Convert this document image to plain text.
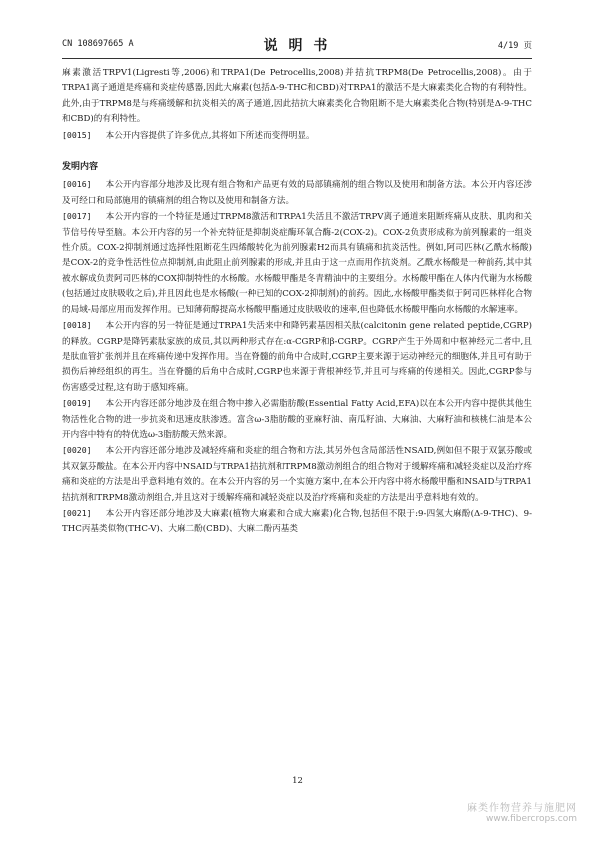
CN 108697665 A	说 明 书	4/19 页

麻素激活TRPV1(Ligresti等,2006)和TRPA1(De Petrocellis,2008)并拮抗TRPM8(De Petrocellis,2008)。由于TRPA1离子通道是疼痛和炎症传感器,因此大麻素(包括Δ-9-THC和CBD)对TRPA1的激活不是大麻素类化合物的有利特性。此外,由于TRPM8是与疼痛缓解和抗炎相关的离子通道,因此拮抗大麻素类化合物阻断不是大麻素类化合物(特别是Δ-9-THC和CBD)的有利特性。

[0015] 本公开内容提供了许多优点,其将如下所述而变得明显。

发明内容

[0016] 本公开内容部分地涉及比现有组合物和产品更有效的局部镇痛剂的组合物以及使用和制备方法。本公开内容还涉及可经口和局部施用的镇痛剂的组合物以及使用和制备方法。

[0017] 本公开内容的一个特征是通过TRPM8激活和TRPA1失活且不激活TRPV离子通道来阻断疼痛从皮肤、肌肉和关节信号传导至脑。本公开内容的另一个补充特征是抑制炎症酶环氧合酶-2(COX-2)。COX-2负责形成称为前列腺素的一组炎性介质。COX-2抑制剂通过选择性阻断花生四烯酸转化为前列腺素H2而具有镇痛和抗炎活性。例如,阿司匹林(乙酰水杨酸)是COX-2的竞争性活性位点抑制剂,由此阻止前列腺素的形成,并且由于这一点而用作抗炎剂。乙酰水杨酸是一种前药,其中其被水解成负责阿司匹林的COX抑制特性的水杨酸。水杨酸甲酯是冬青精油中的主要组分。水杨酸甲酯在人体内代谢为水杨酸(包括通过皮肤吸收之后),并且因此也是水杨酸(一种已知的COX-2抑制剂)的前药。因此,水杨酸甲酯类似于阿司匹林样化合物的局域-局部应用而发挥作用。已知薄荷醇提高水杨酸甲酯通过皮肤吸收的速率,但也降低水杨酸甲酯向水杨酸的水解速率。

[0018] 本公开内容的另一特征是通过TRPA1失活来中和降钙素基因相关肽(calcitonin gene related peptide,CGRP)的释放。CGRP是降钙素肽家族的成员,其以两种形式存在:α-CGRP和β-CGRP。CGRP产生于外周和中枢神经元二者中,且是肽血管扩张剂并且在疼痛传递中发挥作用。当在脊髓的前角中合成时,CGRP主要来源于运动神经元的细胞体,并且可有助于损伤后神经组织的再生。当在脊髓的后角中合成时,CGRP也来源于背根神经节,并且可与疼痛的传递相关。因此,CGRP参与伤害感受过程,这有助于感知疼痛。

[0019] 本公开内容还部分地涉及在组合物中掺入必需脂肪酸(Essential Fatty Acid,EFA)以在本公开内容中提供其他生物活性化合物的进一步抗炎和迅速皮肤渗透。富含ω-3脂肪酸的亚麻籽油、南瓜籽油、大麻油、大麻籽油和核桃仁油是本公开内容中特有的特优选ω-3脂肪酸天然来源。

[0020] 本公开内容还部分地涉及减轻疼痛和炎症的组合物和方法,其另外包含局部活性NSAID,例如但不限于双氯芬酸或其双氯芬酸盐。在本公开内容中NSAID与TRPA1拮抗剂和TRPM8激动剂组合的组合物对于缓解疼痛和减轻炎症以及治疗疼痛和炎症的方法是出乎意料地有效的。在本公开内容的另一个实施方案中,在本公开内容中将水杨酸甲酯和NSAID与TRPA1拮抗剂和TRPM8激动剂组合,并且这对于缓解疼痛和减轻炎症以及治疗疼痛和炎症的方法是出乎意料地有效的。

[0021] 本公开内容还部分地涉及大麻素(植物大麻素和合成大麻素)化合物,包括但不限于:9-四氢大麻酚(Δ-9-THC)、9-THC丙基类似物(THC-V)、大麻二酚(CBD)、大麻二酚丙基类

12
麻类作物营养与施肥网
www.fibercrops.com
